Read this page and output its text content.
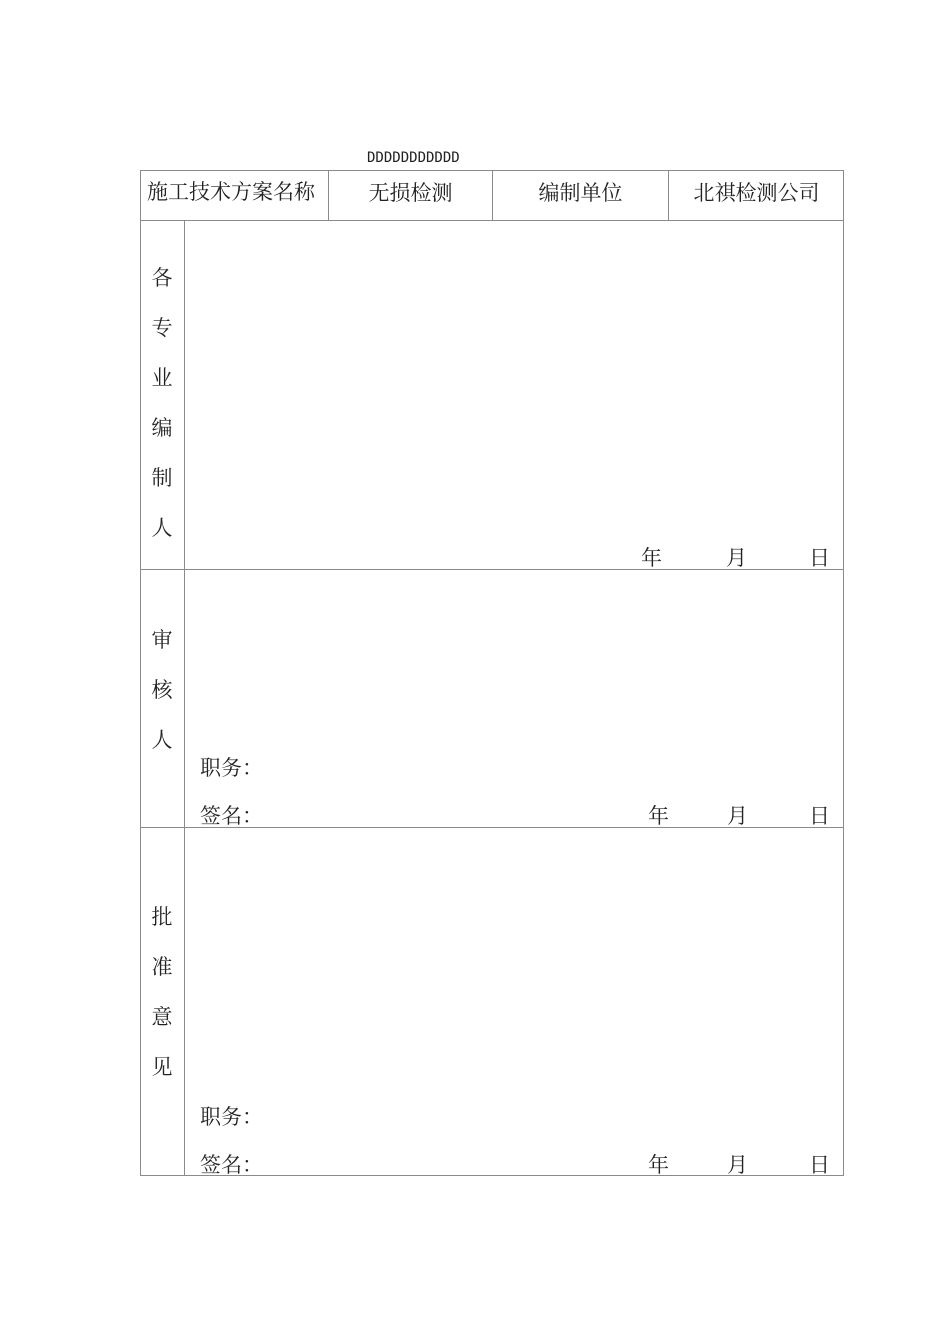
DDDDDDDDDDD
施工技术方案名称	无损检测	编制单位	北祺检测公司
各
专
业
编
制
人
年	月	日
审
核
人
职务：
签名：	年	月	日
批
准
意
见
职务：
签名：	年	月	日
